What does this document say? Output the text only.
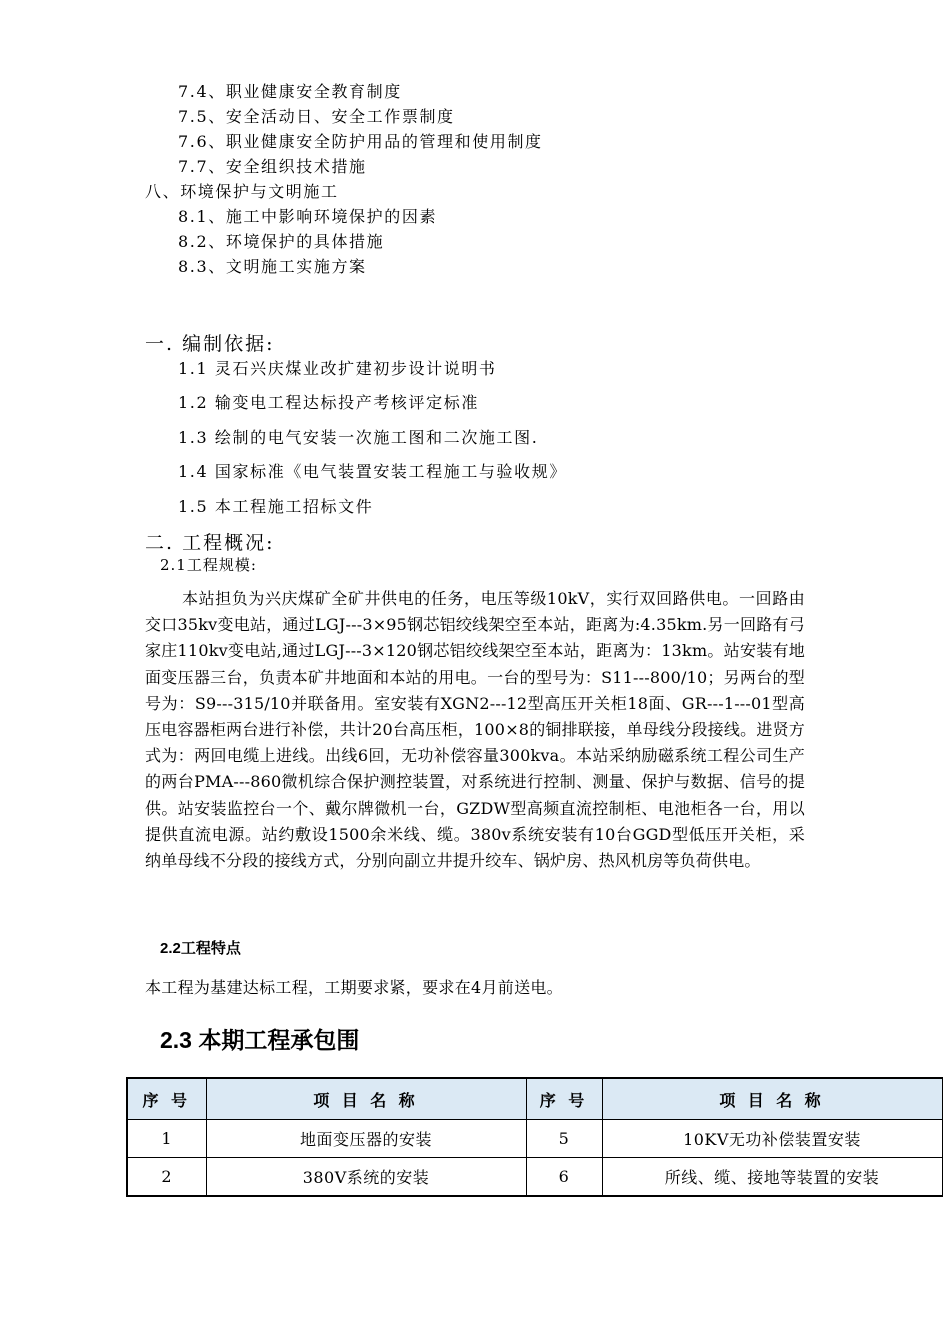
7.4、职业健康安全教育制度
7.5、安全活动日、安全工作票制度
7.6、职业健康安全防护用品的管理和使用制度
7.7、安全组织技术措施
八、环境保护与文明施工
8.1、施工中影响环境保护的因素
8.2、环境保护的具体措施
8.3、文明施工实施方案
一. 编制依据:
1.1 灵石兴庆煤业改扩建初步设计说明书
1.2 输变电工程达标投产考核评定标准
1.3 绘制的电气安装一次施工图和二次施工图.
1.4 国家标准《电气装置安装工程施工与验收规》
1.5 本工程施工招标文件
二. 工程概况:
2.1工程规模:
本站担负为兴庆煤矿全矿井供电的任务，电压等级10kV，实行双回路供电。一回路由交口35kv变电站，通过LGJ---3×95钢芯铝绞线架空至本站，距离为:4.35km.另一回路有弓家庄110kv变电站,通过LGJ---3×120钢芯铝绞线架空至本站，距离为：13km。站安装有地面变压器三台，负责本矿井地面和本站的用电。一台的型号为：S11---800/10；另两台的型号为：S9---315/10并联备用。室安装有XGN2---12型高压开关柜18面、GR---1---01型高压电容器柜两台进行补偿，共计20台高压柜，100×8的铜排联接，单母线分段接线。进贤方式为：两回电缆上进线。出线6回，无功补偿容量300kva。本站采纳励磁系统工程公司生产的两台PMA---860微机综合保护测控装置，对系统进行控制、测量、保护与数据、信号的提供。站安装监控台一个、戴尔牌微机一台，GZDW型高频直流控制柜、电池柜各一台，用以提供直流电源。站约敷设1500余米线、缆。380v系统安装有10台GGD型低压开关柜，采纳单母线不分段的接线方式，分别向副立井提升绞车、锅炉房、热风机房等负荷供电。
2.2工程特点
本工程为基建达标工程，工期要求紧，要求在4月前送电。
2.3 本期工程承包围
序 号	项 目 名 称	序 号	项 目 名 称
1	地面变压器的安装	5	10KV无功补偿装置安装
2	380V系统的安装	6	所线、缆、接地等装置的安装
